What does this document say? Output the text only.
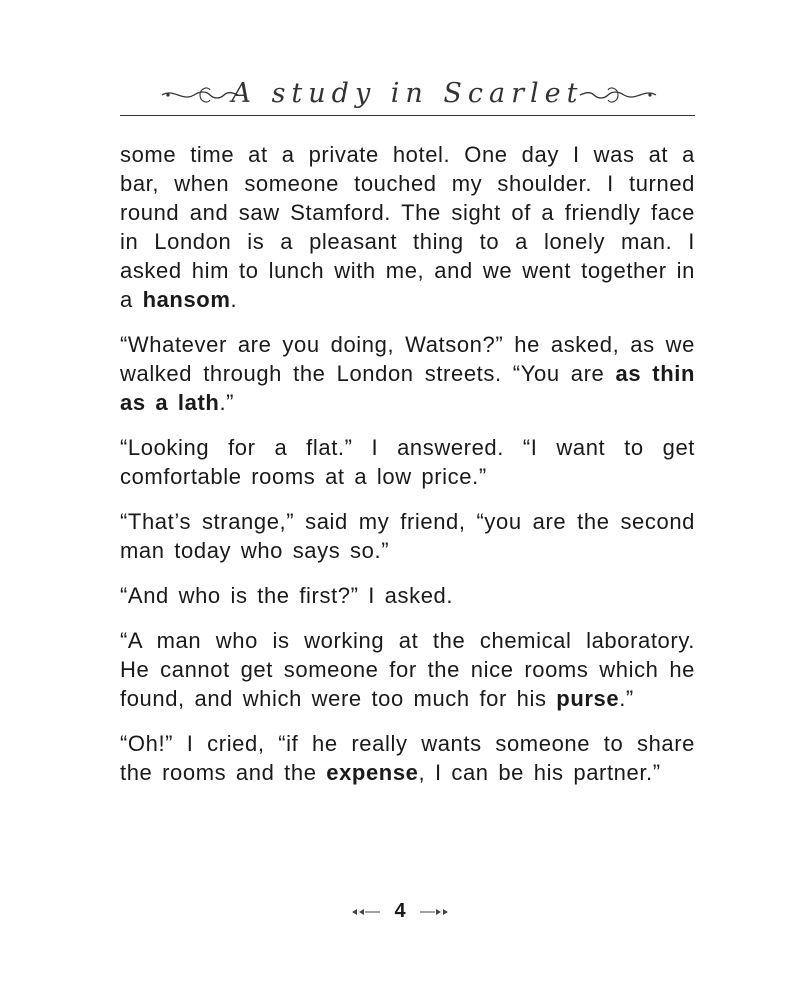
A study in Scarlet

some time at a private hotel. One day I was at a bar, when someone touched my shoulder. I turned round and saw Stamford. The sight of a friendly face in London is a pleasant thing to a lonely man. I asked him to lunch with me, and we went together in a hansom.

“Whatever are you doing, Watson?” he asked, as we walked through the London streets. “You are as thin as a lath.”

“Looking for a flat.” I answered. “I want to get comfortable rooms at a low price.”

“That’s strange,” said my friend, “you are the second man today who says so.”

“And who is the first?” I asked.

“A man who is working at the chemical laboratory. He cannot get someone for the nice rooms which he found, and which were too much for his purse.”

“Oh!” I cried, “if he really wants someone to share the rooms and the expense, I can be his partner.”

4
